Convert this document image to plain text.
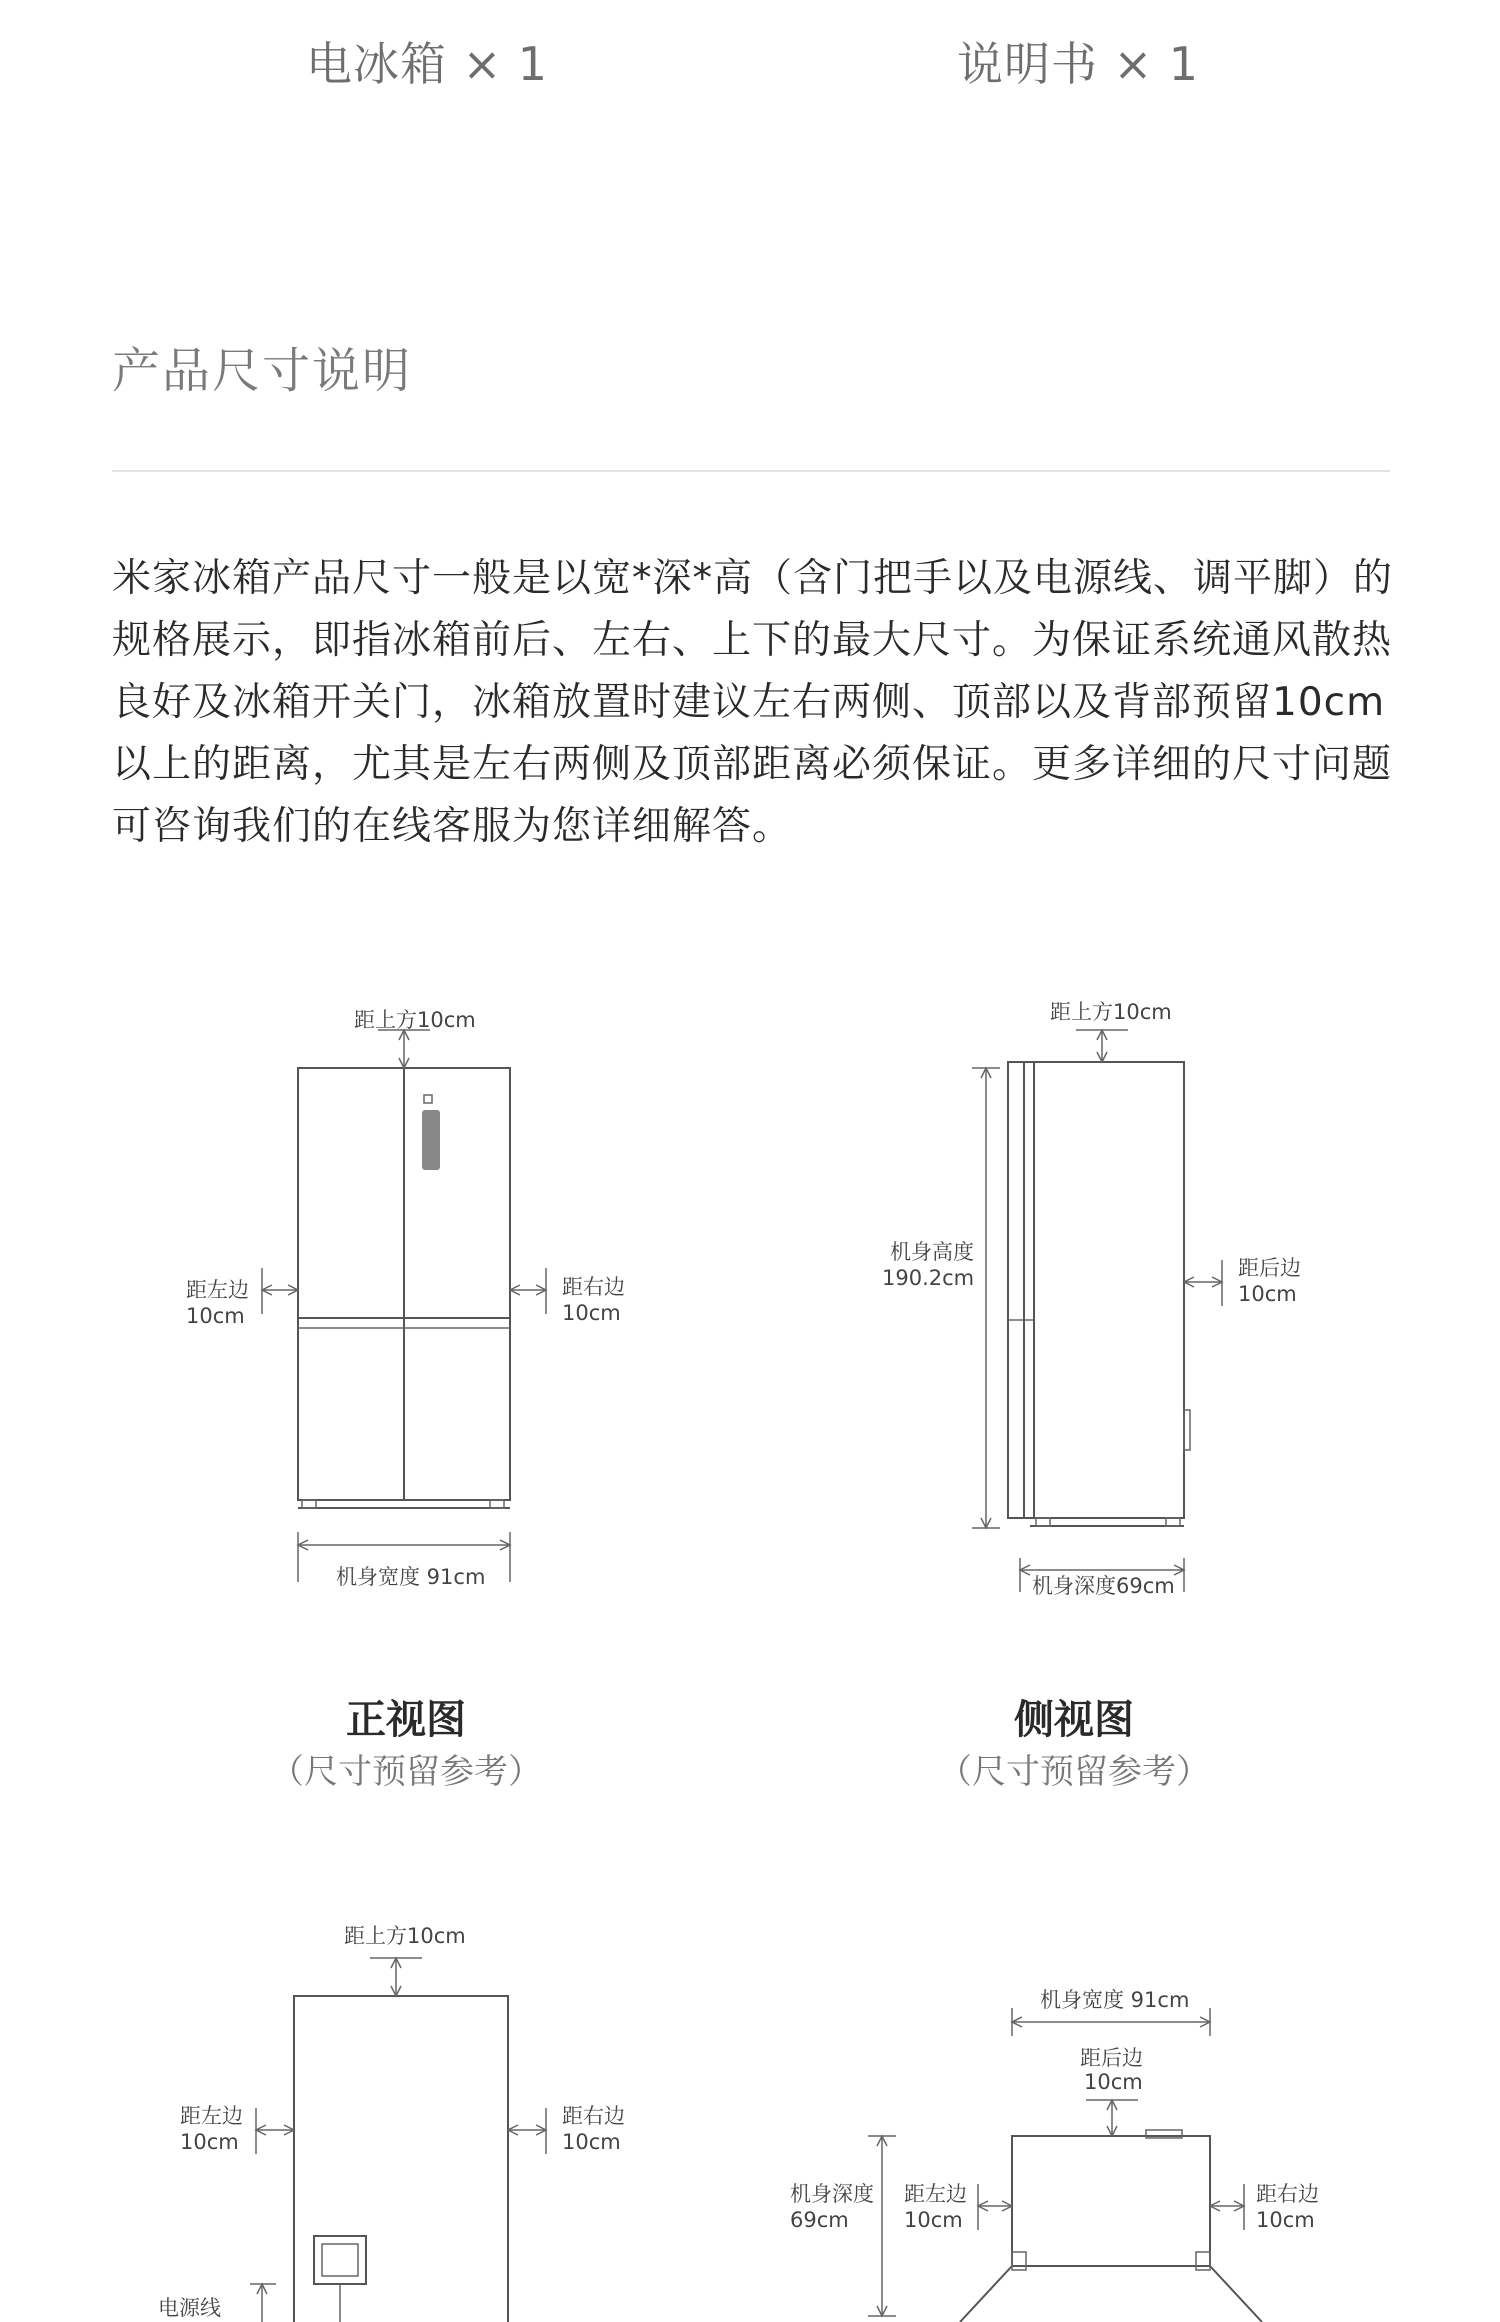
电冰箱 × 1	说明书 × 1
产品尺寸说明
米家冰箱产品尺寸一般是以宽*深*高（含门把手以及电源线、调平脚）的规格展示，即指冰箱前后、左右、上下的最大尺寸。为保证系统通风散热良好及冰箱开关门，冰箱放置时建议左右两侧、顶部以及背部预留10cm以上的距离，尤其是左右两侧及顶部距离必须保证。更多详细的尺寸问题可咨询我们的在线客服为您详细解答。
距上方10cm
距左边
10cm
距右边
10cm
机身宽度 91cm
正视图
（尺寸预留参考）
距上方10cm
机身高度
190.2cm	距后边
10cm
机身深度69cm
侧视图
（尺寸预留参考）
距上方10cm
距左边
10cm
距右边
10cm
电源线
机身宽度 91cm
距后边
10cm
机身深度
69cm
距左边
10cm
距右边
10cm
